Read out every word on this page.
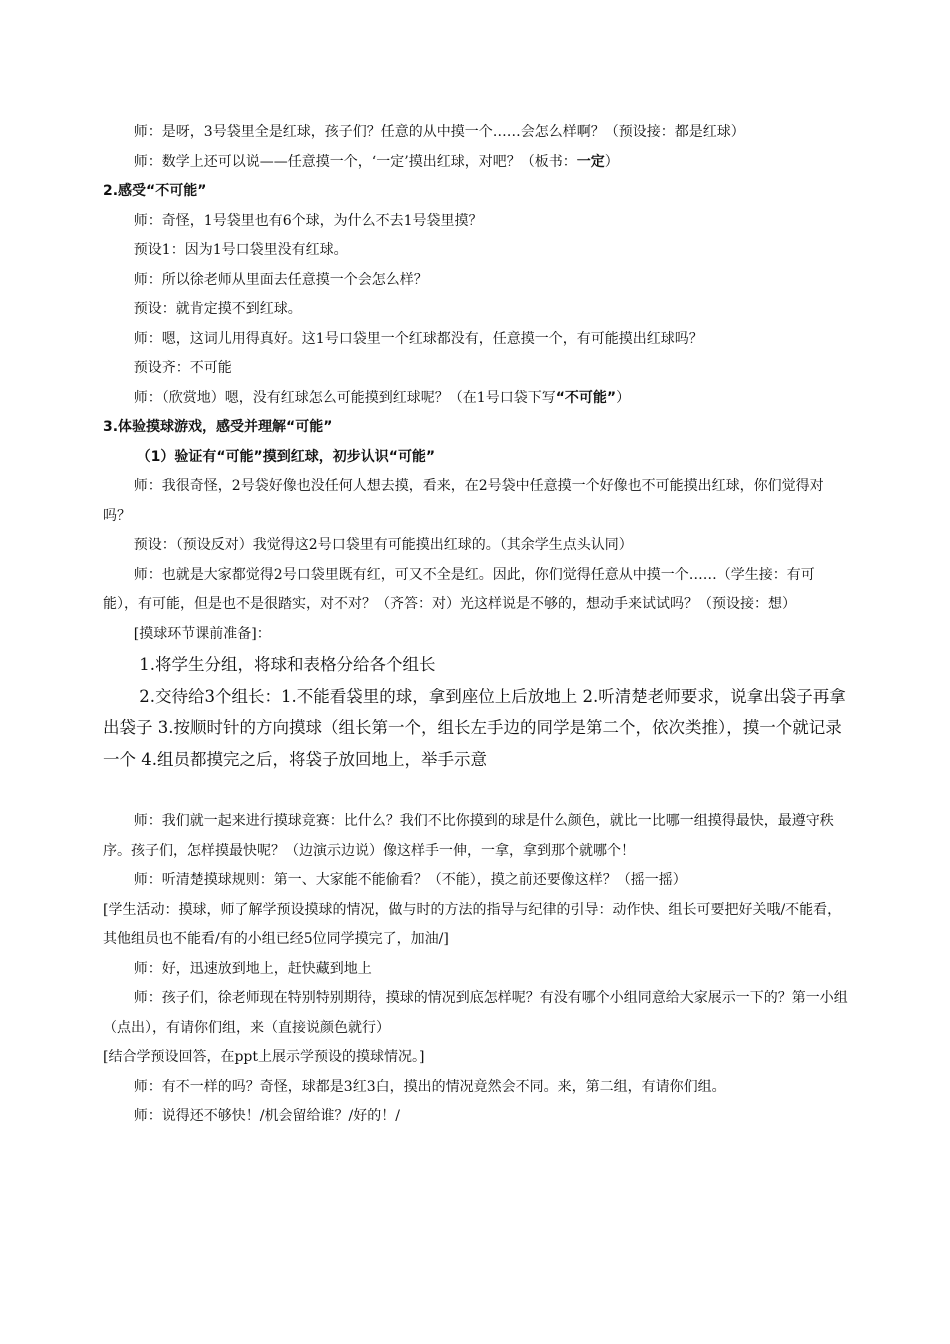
师：是呀，3号袋里全是红球，孩子们？任意的从中摸一个……会怎么样啊？（预设接：都是红球）

师：数学上还可以说——任意摸一个，‘一定’摸出红球，对吧？（板书：一定）

2.感受“不可能”

师：奇怪，1号袋里也有6个球，为什么不去1号袋里摸？

预设1：因为1号口袋里没有红球。

师：所以徐老师从里面去任意摸一个会怎么样？

预设：就肯定摸不到红球。

师：嗯，这词儿用得真好。这1号口袋里一个红球都没有，任意摸一个，有可能摸出红球吗？

预设齐：不可能

师：（欣赏地）嗯，没有红球怎么可能摸到红球呢？（在1号口袋下写“不可能”）

3.体验摸球游戏，感受并理解“可能”

（1）验证有“可能”摸到红球，初步认识“可能”

师：我很奇怪，2号袋好像也没任何人想去摸，看来，在2号袋中任意摸一个好像也不可能摸出红球，你们觉得对吗？

预设：（预设反对）我觉得这2号口袋里有可能摸出红球的。（其余学生点头认同）

师：也就是大家都觉得2号口袋里既有红，可又不全是红。因此，你们觉得任意从中摸一个……（学生接：有可能），有可能，但是也不是很踏实，对不对？（齐答：对）光这样说是不够的，想动手来试试吗？（预设接：想）

[摸球环节课前准备]：

1.将学生分组，将球和表格分给各个组长

2.交待给3个组长：1.不能看袋里的球，拿到座位上后放地上 2.听清楚老师要求，说拿出袋子再拿出袋子 3.按顺时针的方向摸球（组长第一个，组长左手边的同学是第二个，依次类推），摸一个就记录一个 4.组员都摸完之后，将袋子放回地上，举手示意

师：我们就一起来进行摸球竞赛：比什么？我们不比你摸到的球是什么颜色，就比一比哪一组摸得最快，最遵守秩序。孩子们，怎样摸最快呢？（边演示边说）像这样手一伸，一拿，拿到那个就哪个！

师：听清楚摸球规则：第一、大家能不能偷看？（不能），摸之前还要像这样？（摇一摇）

[学生活动：摸球，师了解学预设摸球的情况，做与时的方法的指导与纪律的引导：动作快、组长可要把好关哦/不能看，其他组员也不能看/有的小组已经5位同学摸完了，加油/]

师：好，迅速放到地上，赶快藏到地上

师：孩子们，徐老师现在特别特别期待，摸球的情况到底怎样呢？有没有哪个小组同意给大家展示一下的？第一小组（点出），有请你们组，来（直接说颜色就行）

[结合学预设回答，在ppt上展示学预设的摸球情况。]

师：有不一样的吗？奇怪，球都是3红3白，摸出的情况竟然会不同。来，第二组，有请你们组。

师：说得还不够快！/机会留给谁？/好的！/
